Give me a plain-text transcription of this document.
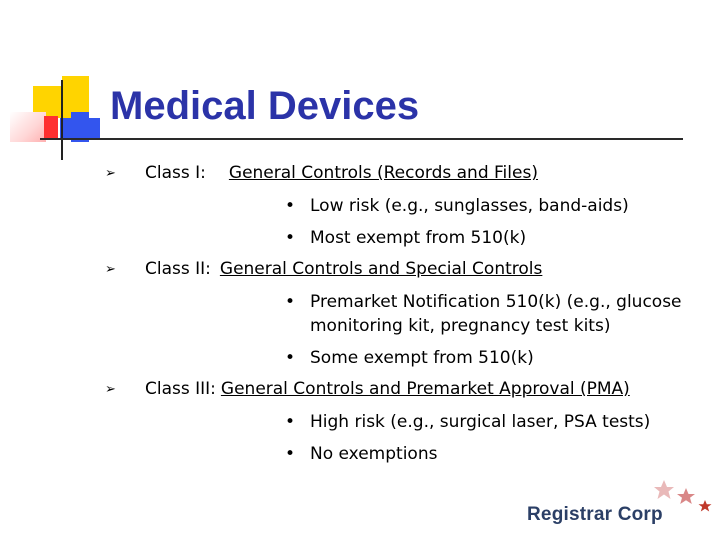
Medical Devices
➢ Class I: General Controls (Records and Files)
• Low risk (e.g., sunglasses, band-aids)
• Most exempt from 510(k)
➢ Class II: General Controls and Special Controls
• Premarket Notification 510(k) (e.g., glucose
monitoring kit, pregnancy test kits)
• Some exempt from 510(k)
➢ Class III: General Controls and Premarket Approval (PMA)
• High risk (e.g., surgical laser, PSA tests)
• No exemptions
Registrar Corp
